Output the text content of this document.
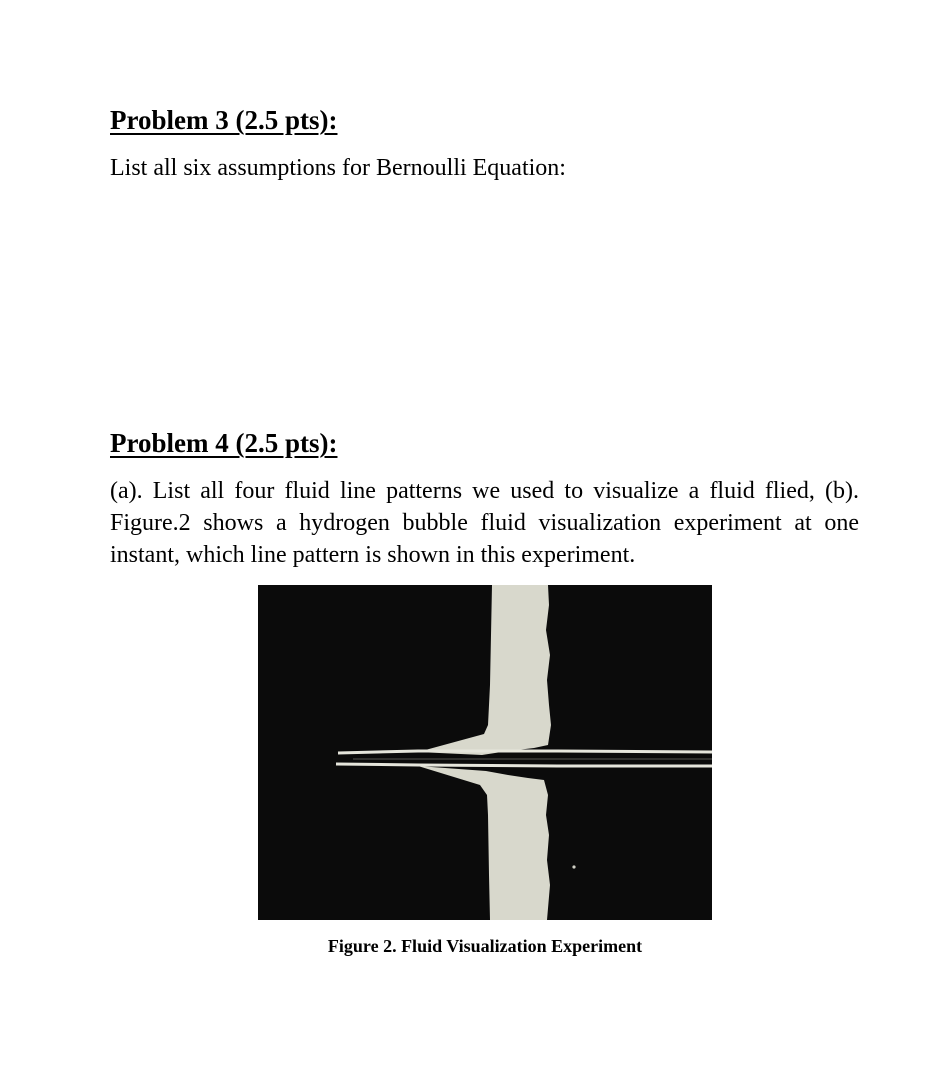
Problem 3 (2.5 pts):

List all six assumptions for Bernoulli Equation:

Problem 4 (2.5 pts):

(a). List all four fluid line patterns we used to visualize a fluid flied, (b). Figure.2 shows a hydrogen bubble fluid visualization experiment at one instant, which line pattern is shown in this experiment.

Figure 2. Fluid Visualization Experiment
